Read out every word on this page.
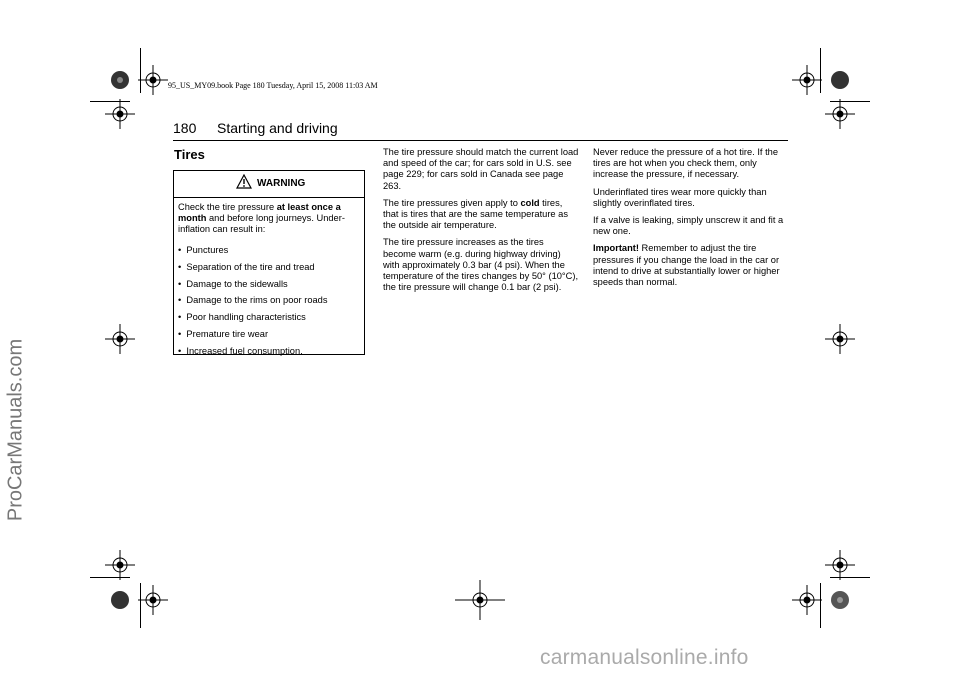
95_US_MY09.book Page 180 Tuesday, April 15, 2008 11:03 AM
180 Starting and driving
Tires
WARNING
Check the tire pressure at least once a month and before long journeys. Under-inflation can result in:
•  Punctures
•  Separation of the tire and tread
•  Damage to the sidewalls
•  Damage to the rims on poor roads
•  Poor handling characteristics
•  Premature tire wear
•  Increased fuel consumption.

The tire pressure should match the current load and speed of the car; for cars sold in U.S. see page 229; for cars sold in Canada see page 263.

The tire pressures given apply to cold tires, that is tires that are the same temperature as the outside air temperature.

The tire pressure increases as the tires become warm (e.g. during highway driving) with approximately 0.3 bar (4 psi). When the temperature of the tires changes by 50° (10°C), the tire pressure will change 0.1 bar (2 psi).

Never reduce the pressure of a hot tire. If the tires are hot when you check them, only increase the pressure, if necessary.

Underinflated tires wear more quickly than slightly overinflated tires.

If a valve is leaking, simply unscrew it and fit a new one.

Important! Remember to adjust the tire pressures if you change the load in the car or intend to drive at substantially lower or higher speeds than normal.

ProCarManuals.com
carmanualsonline.info
